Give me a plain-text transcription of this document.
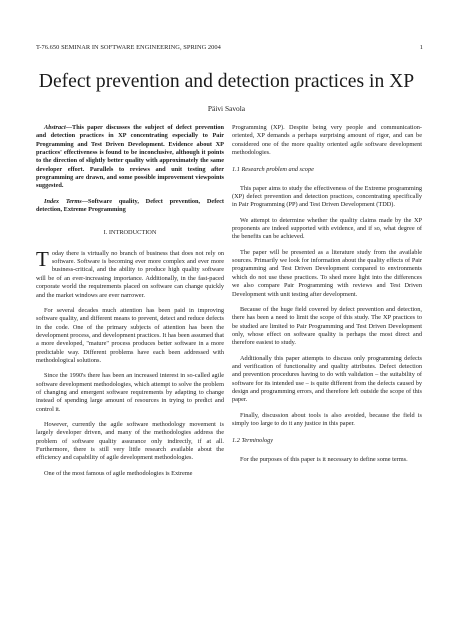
T-76.650 SEMINAR IN SOFTWARE ENGINEERING, SPRING 2004	1
Defect prevention and detection practices in XP
Päivi Savola

Abstract—This paper discusses the subject of defect prevention and detection practices in XP concentrating especially to Pair Programming and Test Driven Development. Evidence about XP practices' effectiveness is found to be inconclusive, although it points to the direction of slightly better quality with approximately the same developer effort. Parallels to reviews and unit testing after programming are drawn, and some possible improvement viewpoints suggested.

Index Terms—Software quality, Defect prevention, Defect detection, Extreme Programming

I. INTRODUCTION

Today there is virtually no branch of business that does not rely on software. Software is becoming ever more complex and ever more business-critical, and the ability to produce high quality software will be of an ever-increasing importance. Additionally, in the fast-paced corporate world the requirements placed on software can change quickly and the market windows are ever narrower.

For several decades much attention has been paid in improving software quality, and different means to prevent, detect and reduce defects in the code. One of the primary subjects of attention has been the development process, and development practices. It has been assumed that a more developed, "mature" process produces better software in a more predictable way. Different problems have each been addressed with methodological solutions.

Since the 1990's there has been an increased interest in so-called agile software development methodologies, which attempt to solve the problem of changing and emergent software requirements by adapting to change instead of spending large amount of resources in trying to predict and control it.

However, currently the agile software methodology movement is largely developer driven, and many of the methodologies address the problem of software quality assurance only indirectly, if at all. Furthermore, there is still very little research available about the efficiency and capability of agile development methodologies.

One of the most famous of agile methodologies is Extreme

Programming (XP). Despite being very people and communication-oriented, XP demands a perhaps surprising amount of rigor, and can be considered one of the more quality oriented agile software development methodologies.

1.1 Research problem and scope

This paper aims to study the effectiveness of the Extreme programming (XP) defect prevention and detection practices, concentrating specifically in Pair Programming (PP) and Test Driven Development (TDD).

We attempt to determine whether the quality claims made by the XP proponents are indeed supported with evidence, and if so, what degree of the benefits can be achieved.

The paper will be presented as a literature study from the available sources. Primarily we look for information about the quality effects of Pair programming and Test Driven Development compared to environments which do not use these practices. To shed more light into the differences we also compare Pair Programming with reviews and Test Driven Development with unit testing after development.

Because of the huge field covered by defect prevention and detection, there has been a need to limit the scope of this study. The XP practices to be studied are limited to Pair Programming and Test Driven Development only, whose effect on software quality is perhaps the most direct and therefore easiest to study.

Additionally this paper attempts to discuss only programming defects and verification of functionality and quality attributes. Defect detection and prevention procedures having to do with validation – the suitability of software for its intended use – is quite different from the defects caused by design and programming errors, and therefore left outside the scope of this paper.

Finally, discussion about tools is also avoided, because the field is simply too large to do it any justice in this paper.

1.2 Terminology

For the purposes of this paper is it necessary to define some terms.
